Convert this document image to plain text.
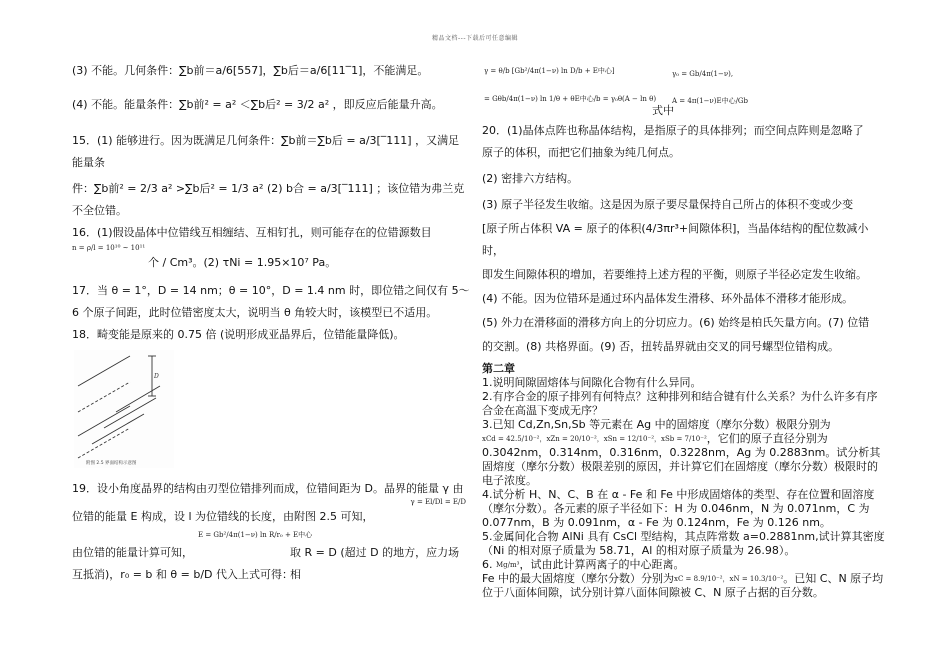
精品文档---下载后可任意编辑

(3) 不能。几何条件：∑b前＝a/6[557]，∑b后＝a/6[11‾1]，不能满足。

(4) 不能。能量条件：∑b前² = a² ＜∑b后² = 3/2 a² ，即反应后能量升高。

15．(1) 能够进行。因为既满足几何条件：∑b前＝∑b后 = a/3[‾111] ，又满足能量条

件：∑b前² = 2/3 a² >∑b后² = 1/3 a² (2) b合 = a/3[‾111] ；该位错为弗兰克不全位错。

16．(1)假设晶体中位错线互相缠结、互相钉扎，则可能存在的位错源数目

n = ρ/l = 10¹⁰ ~ 10¹¹
个 / Cm³。(2) τNi = 1.95×10⁷ Pa。

17．当 θ = 1°，D = 14 nm；θ = 10°，D = 1.4 nm 时，即位错之间仅有 5～6 个原子间距，此时位错密度太大，说明当 θ 角较大时，该模型已不适用。

18．畸变能是原来的 0.75 倍 (说明形成亚晶界后，位错能量降低)。

D
附图 2.5 界面结构示意图

19．设小角度晶界的结构由刃型位错排列而成，位错间距为 D。晶界的能量 γ 由

γ = El/Dl = E/D

位错的能量 E 构成，设 l 为位错线的长度，由附图 2.5 可知，

由位错的能量计算可知，
E = Gb²/4π(1−ν) ln R/r₀ + E中心
取 R = D (超过 D 的地方，应力场相

互抵消)，r₀ = b 和 θ = b/D 代入上式可得：

γ = θ/b [Gb²/4π(1−ν) ln D/b + E中心]
= Gθb/4π(1−ν) ln 1/θ + θE中心/b = γ₀θ(A − ln θ)
γ₀ = Gb/4π(1−ν),
式中
A = 4π(1−ν)E中心/Gb

20．(1)晶体点阵也称晶体结构，是指原子的具体排列；而空间点阵则是忽略了

原子的体积，而把它们抽象为纯几何点。

(2) 密排六方结构。

(3) 原子半径发生收缩。这是因为原子要尽量保持自己所占的体积不变或少变

[原子所占体积 VA = 原子的体积(4/3πr³+间隙体积]，当晶体结构的配位数减小时，

即发生间隙体积的增加，若要维持上述方程的平衡，则原子半径必定发生收缩。

(4) 不能。因为位错环是通过环内晶体发生滑移、环外晶体不滑移才能形成。

(5) 外力在滑移面的滑移方向上的分切应力。(6) 始终是柏氏矢量方向。(7) 位错

的交割。(8) 共格界面。(9) 否，扭转晶界就由交叉的同号螺型位错构成。

第二章

1.说明间隙固熔体与间隙化合物有什么异同。

2.有序合金的原子排列有何特点？这种排列和结合键有什么关系？为什么许多有序合金在高温下变成无序？

3.已知 Cd,Zn,Sn,Sb 等元素在 Ag 中的固熔度（摩尔分数）极限分别为

xCd = 42.5/10⁻²，xZn = 20/10⁻²，xSn = 12/10⁻²，xSb = 7/10⁻²，它们的原子直径分别为 0.3042nm，0.314nm，0.316nm，0.3228nm，Ag 为 0.2883nm。试分析其固熔度（摩尔分数）极限差别的原因，并计算它们在固熔度（摩尔分数）极限时的电子浓度。

4.试分析 H、N、C、B 在 α - Fe 和 Fe 中形成固熔体的类型、存在位置和固溶度（摩尔分数）。各元素的原子半径如下：H 为 0.046nm，N 为 0.071nm，C 为 0.077nm，B 为 0.091nm，α - Fe 为 0.124nm，Fe 为 0.126 nm。

5.金属间化合物 AlNi 具有 CsCl 型结构，其点阵常数 a=0.2881nm,试计算其密度（Ni 的相对原子质量为 58.71，Al 的相对原子质量为 26.98）。

6. Mg/m³，试由此计算两离子的中心距离。

Fe 中的最大固熔度（摩尔分数）分别为xC = 8.9/10⁻²，xN = 10.3/10⁻²。已知 C、N 原子均位于八面体间隙，试分别计算八面体间隙被 C、N 原子占据的百分数。
